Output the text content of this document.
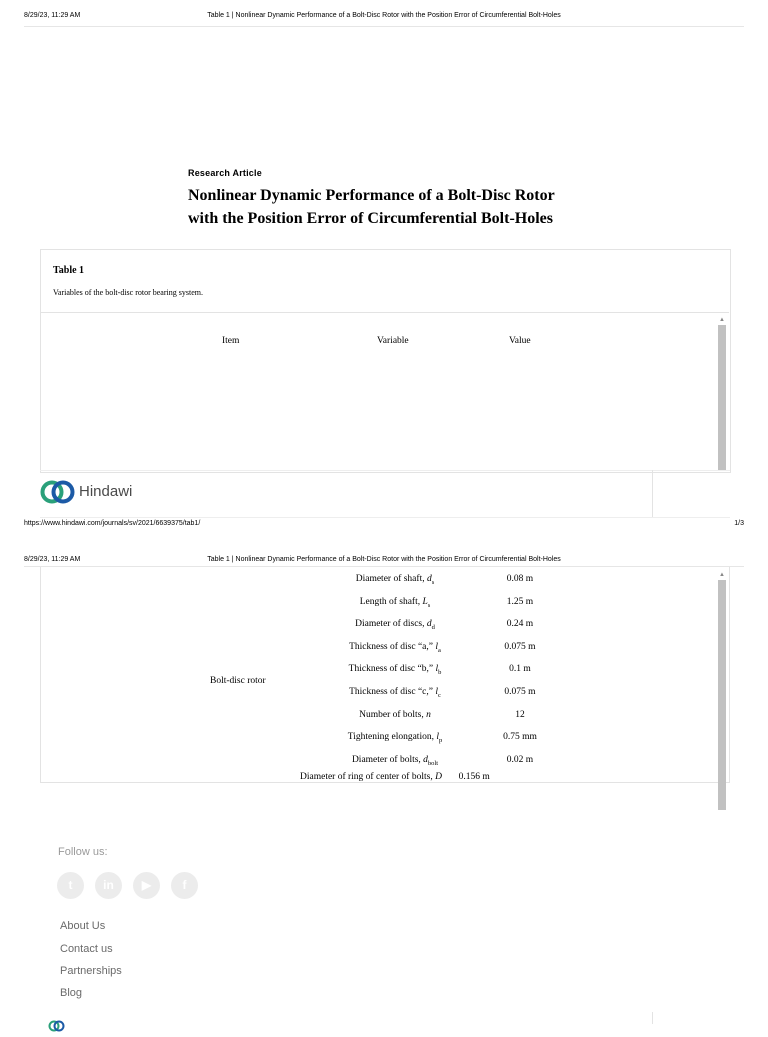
8/29/23, 11:29 AM	Table 1 | Nonlinear Dynamic Performance of a Bolt-Disc Rotor with the Position Error of Circumferential Bolt-Holes
Research Article
Nonlinear Dynamic Performance of a Bolt-Disc Rotor
with the Position Error of Circumferential Bolt-Holes
Table 1
Variables of the bolt-disc rotor bearing system.
Item	Variable	Value
▲
Hindawi
https://www.hindawi.com/journals/sv/2021/6639375/tab1/	1/3
8/29/23, 11:29 AM	Table 1 | Nonlinear Dynamic Performance of a Bolt-Disc Rotor with the Position Error of Circumferential Bolt-Holes
Bolt-disc rotor
Diameter of shaft, $d_s$	0.08 m
Length of shaft, $L_s$	1.25 m
Diameter of discs, $d_d$	0.24 m
Thickness of disc “a,” $l_a$	0.075 m
Thickness of disc “b,” $l_b$	0.1 m
Thickness of disc “c,” $l_c$	0.075 m
Number of bolts, n	12
Tightening elongation, $l_p$	0.75 mm
Diameter of bolts, $d_{bolt}$	0.02 m
Diameter of ring of center of bolts, D       0.156 m
▲
Follow us:
t	in	▶	f
About Us
Contact us
Partnerships
Blog
